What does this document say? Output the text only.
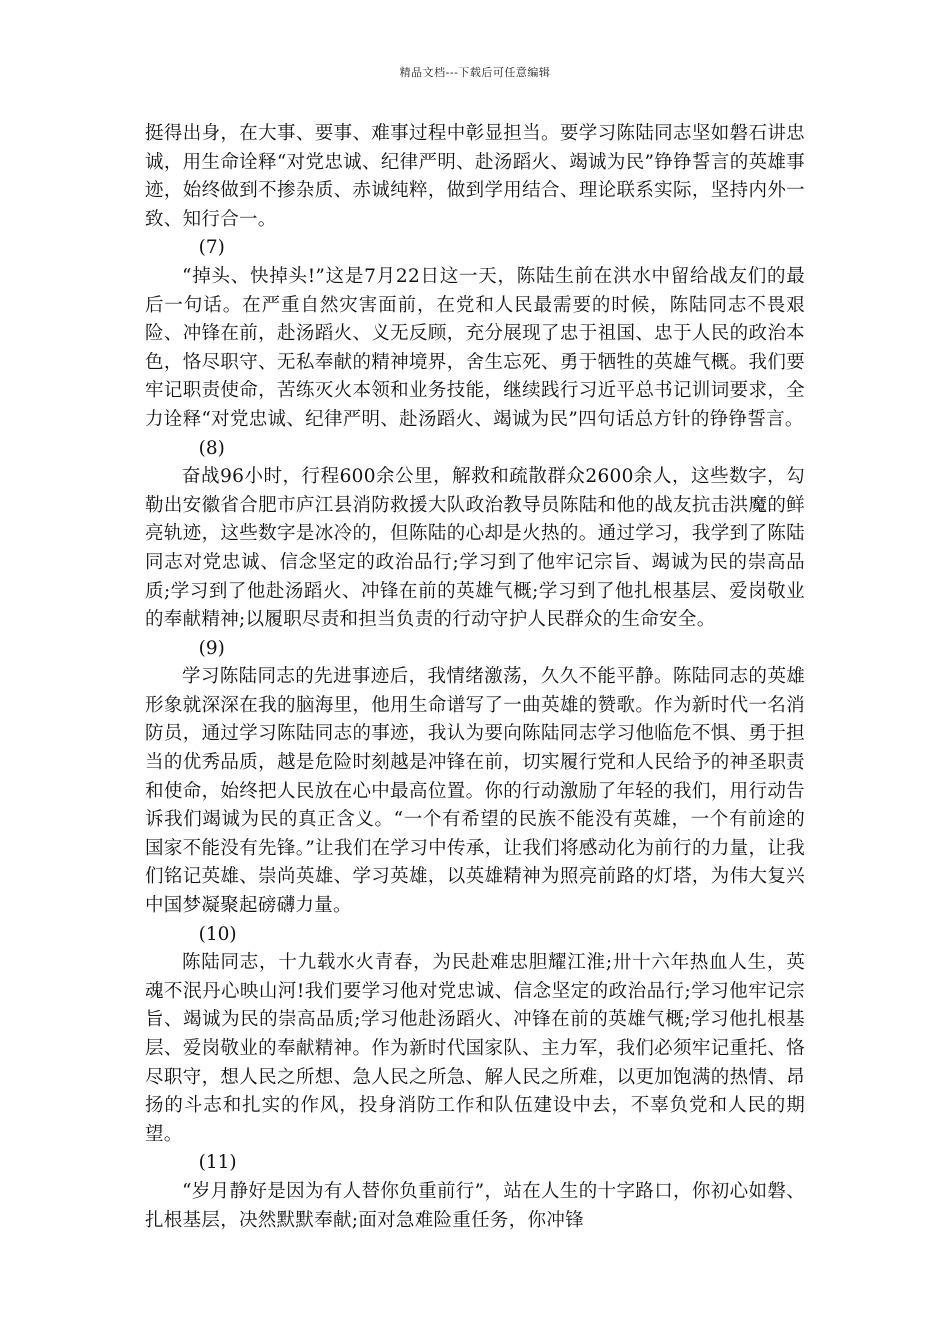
精品文档---下载后可任意编辑

挺得出身，在大事、要事、难事过程中彰显担当。要学习陈陆同志坚如磐石讲忠诚，用生命诠释“对党忠诚、纪律严明、赴汤蹈火、竭诚为民”铮铮誓言的英雄事迹，始终做到不掺杂质、赤诚纯粹，做到学用结合、理论联系实际，坚持内外一致、知行合一。

(7)

“掉头、快掉头!”这是7月22日这一天，陈陆生前在洪水中留给战友们的最后一句话。在严重自然灾害面前，在党和人民最需要的时候，陈陆同志不畏艰险、冲锋在前，赴汤蹈火、义无反顾，充分展现了忠于祖国、忠于人民的政治本色，恪尽职守、无私奉献的精神境界，舍生忘死、勇于牺牲的英雄气概。我们要牢记职责使命，苦练灭火本领和业务技能，继续践行习近平总书记训词要求，全力诠释“对党忠诚、纪律严明、赴汤蹈火、竭诚为民”四句话总方针的铮铮誓言。

(8)

奋战96小时，行程600余公里，解救和疏散群众2600余人，这些数字，勾勒出安徽省合肥市庐江县消防救援大队政治教导员陈陆和他的战友抗击洪魔的鲜亮轨迹，这些数字是冰冷的，但陈陆的心却是火热的。通过学习，我学到了陈陆同志对党忠诚、信念坚定的政治品行;学习到了他牢记宗旨、竭诚为民的崇高品质;学习到了他赴汤蹈火、冲锋在前的英雄气概;学习到了他扎根基层、爱岗敬业的奉献精神;以履职尽责和担当负责的行动守护人民群众的生命安全。

(9)

学习陈陆同志的先进事迹后，我情绪激荡，久久不能平静。陈陆同志的英雄形象就深深在我的脑海里，他用生命谱写了一曲英雄的赞歌。作为新时代一名消防员，通过学习陈陆同志的事迹，我认为要向陈陆同志学习他临危不惧、勇于担当的优秀品质，越是危险时刻越是冲锋在前，切实履行党和人民给予的神圣职责和使命，始终把人民放在心中最高位置。你的行动激励了年轻的我们，用行动告诉我们竭诚为民的真正含义。“一个有希望的民族不能没有英雄，一个有前途的国家不能没有先锋。”让我们在学习中传承，让我们将感动化为前行的力量，让我们铭记英雄、崇尚英雄、学习英雄，以英雄精神为照亮前路的灯塔，为伟大复兴中国梦凝聚起磅礴力量。

(10)

陈陆同志，十九载水火青春，为民赴难忠胆耀江淮;卅十六年热血人生，英魂不泯丹心映山河!我们要学习他对党忠诚、信念坚定的政治品行;学习他牢记宗旨、竭诚为民的崇高品质;学习他赴汤蹈火、冲锋在前的英雄气概;学习他扎根基层、爱岗敬业的奉献精神。作为新时代国家队、主力军，我们必须牢记重托、恪尽职守，想人民之所想、急人民之所急、解人民之所难，以更加饱满的热情、昂扬的斗志和扎实的作风，投身消防工作和队伍建设中去，不辜负党和人民的期望。

(11)

“岁月静好是因为有人替你负重前行”，站在人生的十字路口，你初心如磐、扎根基层，决然默默奉献;面对急难险重任务，你冲锋
